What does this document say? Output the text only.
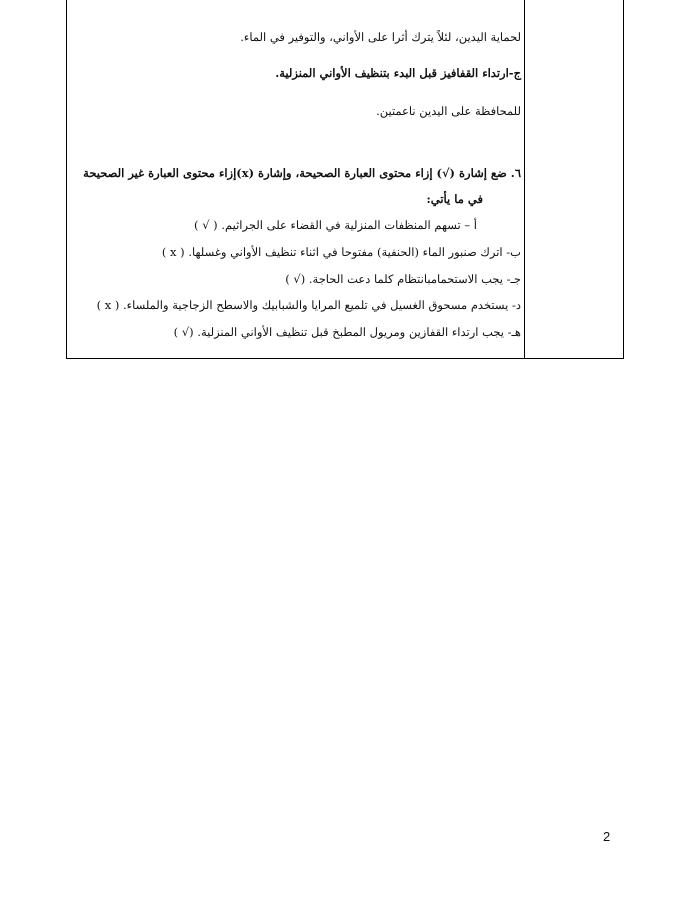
لحماية اليدين، لئلاً يترك أثرا على الأواني، والتوفير في الماء.
ج-ارتداء القفافيز قبل البدء بتنظيف الأواني المنزلية.
للمحافظة على اليدين ناعمتين.
٦. ضع إشارة (√) إزاء محتوى العبارة الصحيحة، وإشارة (x)إزاء محتوى العبارة غير الصحيحة
في ما يأتي:
أ – تسهم المنظفات المنزلية في القضاء على الجراثيم. ( √ )
ب- اترك صنبور الماء (الحنفية) مفتوحا في اثناء تنظيف الأواني وغسلها. ( x )
جـ- يجب الاستحمامبانتظام كلما دعت الحاجة. (√ )
د- يستخدم مسحوق الغسيل في تلميع المرايا والشبابيك والاسطح الزجاجية والملساء. ( x )
هـ- يجب ارتداء القفازين ومريول المطبخ قبل تنظيف الأواني المنزلية. (√ )
2
